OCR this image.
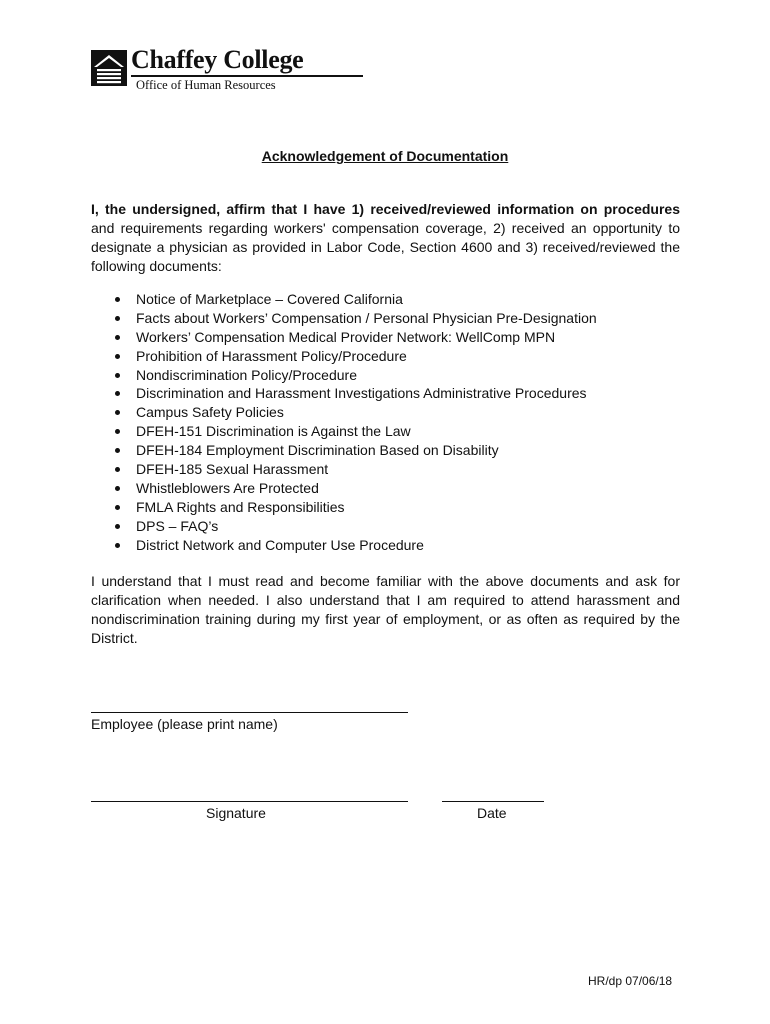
Chaffey College
Office of Human Resources
Acknowledgement of Documentation

I, the undersigned, affirm that I have 1) received/reviewed information on procedures and requirements regarding workers' compensation coverage, 2) received an opportunity to designate a physician as provided in Labor Code, Section 4600 and 3) received/reviewed the following documents:

Notice of Marketplace – Covered California
Facts about Workers’ Compensation / Personal Physician Pre-Designation
Workers’ Compensation Medical Provider Network: WellComp MPN
Prohibition of Harassment Policy/Procedure
Nondiscrimination Policy/Procedure
Discrimination and Harassment Investigations Administrative Procedures
Campus Safety Policies
DFEH-151 Discrimination is Against the Law
DFEH-184 Employment Discrimination Based on Disability
DFEH-185 Sexual Harassment
Whistleblowers Are Protected
FMLA Rights and Responsibilities
DPS – FAQ’s
District Network and Computer Use Procedure

I understand that I must read and become familiar with the above documents and ask for clarification when needed. I also understand that I am required to attend harassment and nondiscrimination training during my first year of employment, or as often as required by the District.

Employee (please print name)
Signature	Date
HR/dp 07/06/18
